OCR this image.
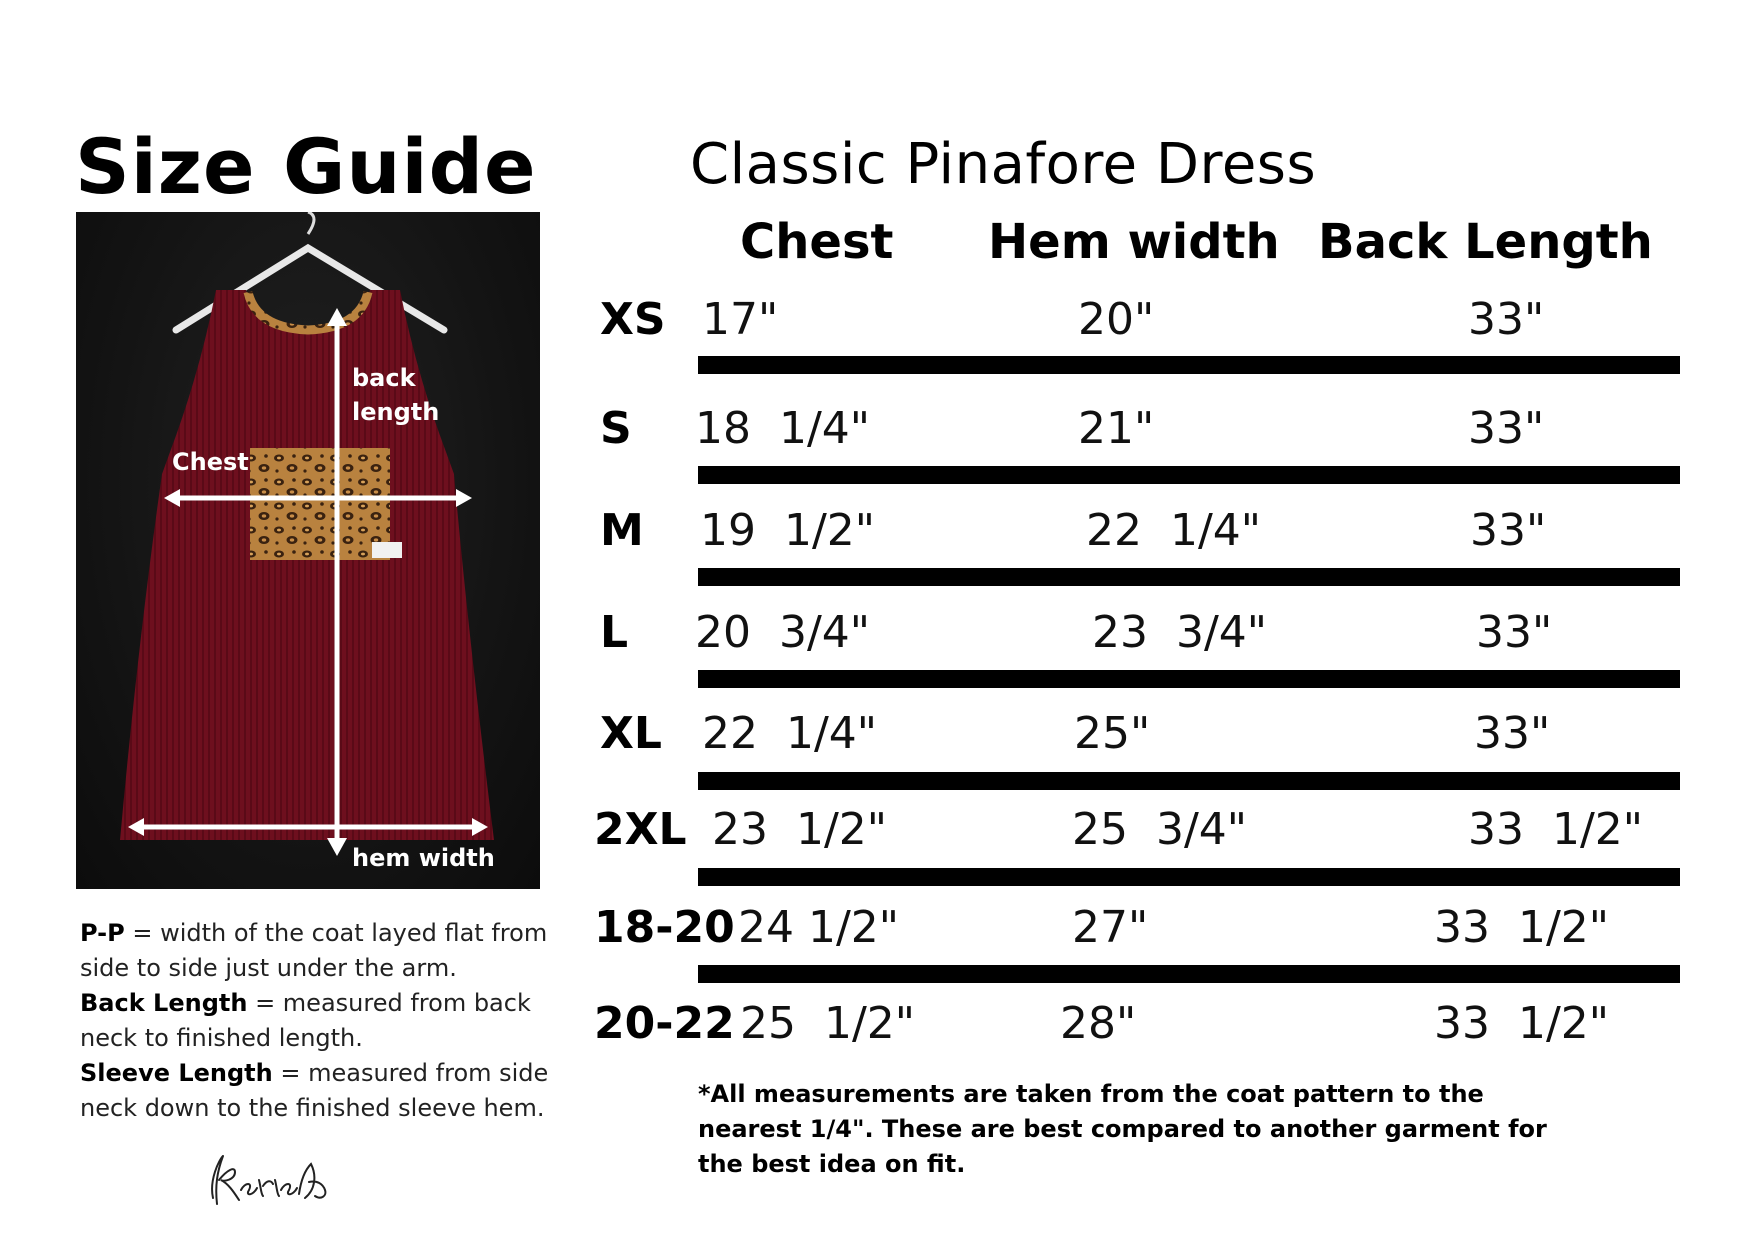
Size Guide
back
length
Chest
hem width

P-P = width of the coat layed flat from side to side just under the arm.

Back Length = measured from back neck to finished length.

Sleeve Length = measured from side neck down to the finished sleeve hem.

Classic Pinafore Dress
Chest Hem width Back Length
XS 17"	20"	33"
S 18  1/4"	21"	33"
M 19  1/2"	22  1/4"	33"
L 20  3/4"	23  3/4"	33"
XL 22  1/4"	25"	33"
2XL 23  1/2"	25  3/4"	33  1/2"
18-20 24 1/2"	27"	33  1/2"
20-22 25  1/2"	28"	33  1/2"
*All measurements are taken from the coat pattern to the nearest 1/4". These are best compared to another garment for the best idea on fit.
